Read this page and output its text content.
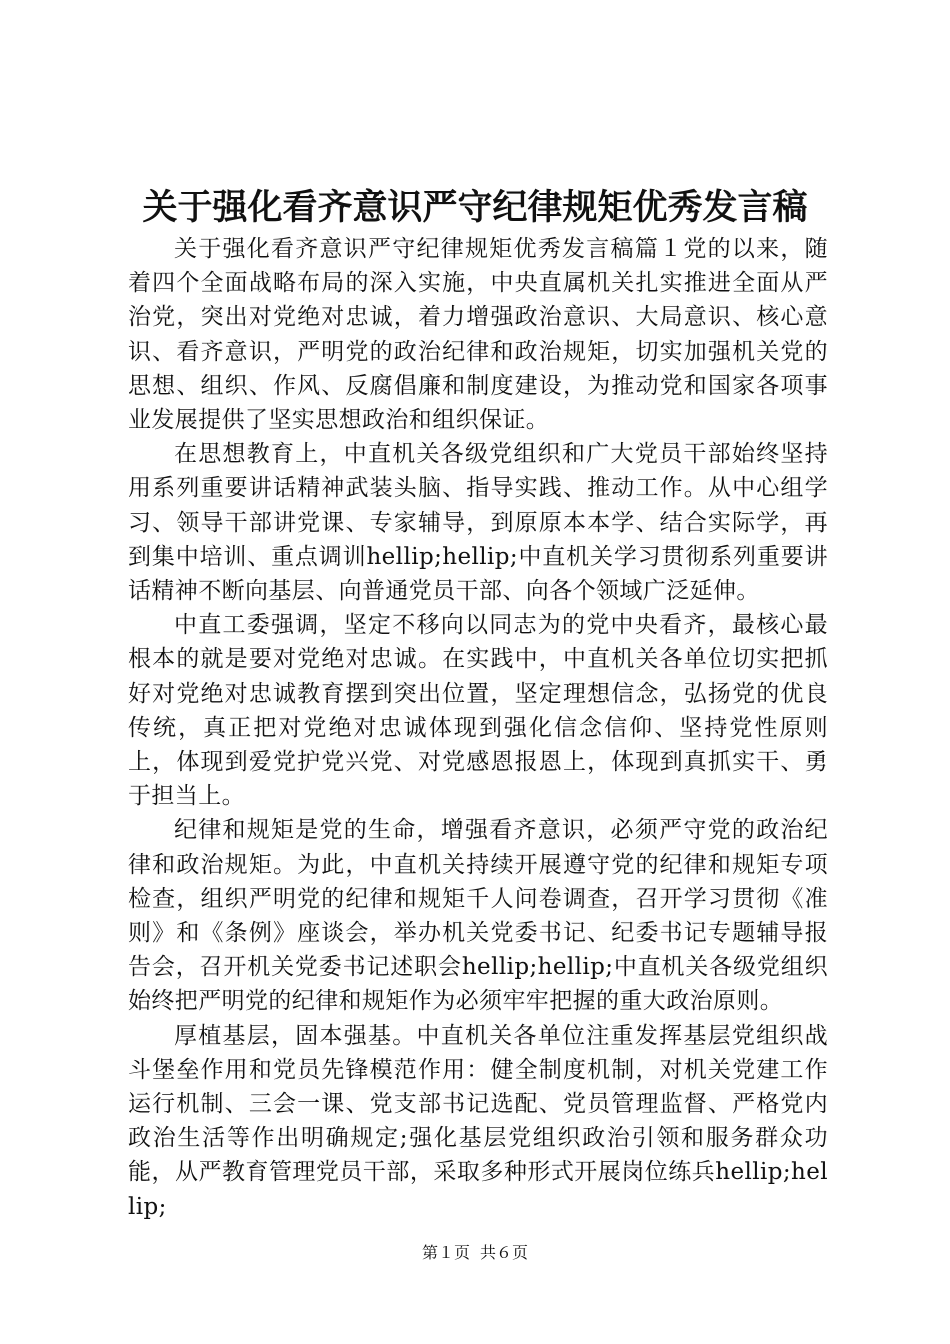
关于强化看齐意识严守纪律规矩优秀发言稿

关于强化看齐意识严守纪律规矩优秀发言稿篇１党的以来，随着四个全面战略布局的深入实施，中央直属机关扎实推进全面从严治党，突出对党绝对忠诚，着力增强政治意识、大局意识、核心意识、看齐意识，严明党的政治纪律和政治规矩，切实加强机关党的思想、组织、作风、反腐倡廉和制度建设，为推动党和国家各项事业发展提供了坚实思想政治和组织保证。

在思想教育上，中直机关各级党组织和广大党员干部始终坚持用系列重要讲话精神武装头脑、指导实践、推动工作。从中心组学习、领导干部讲党课、专家辅导，到原原本本学、结合实际学，再到集中培训、重点调训hellip;hellip;中直机关学习贯彻系列重要讲话精神不断向基层、向普通党员干部、向各个领域广泛延伸。

中直工委强调，坚定不移向以同志为的党中央看齐，最核心最根本的就是要对党绝对忠诚。在实践中，中直机关各单位切实把抓好对党绝对忠诚教育摆到突出位置，坚定理想信念，弘扬党的优良传统，真正把对党绝对忠诚体现到强化信念信仰、坚持党性原则上，体现到爱党护党兴党、对党感恩报恩上，体现到真抓实干、勇于担当上。

纪律和规矩是党的生命，增强看齐意识，必须严守党的政治纪律和政治规矩。为此，中直机关持续开展遵守党的纪律和规矩专项检查，组织严明党的纪律和规矩千人问卷调查，召开学习贯彻《准则》和《条例》座谈会，举办机关党委书记、纪委书记专题辅导报告会，召开机关党委书记述职会hellip;hellip;中直机关各级党组织始终把严明党的纪律和规矩作为必须牢牢把握的重大政治原则。

厚植基层，固本强基。中直机关各单位注重发挥基层党组织战斗堡垒作用和党员先锋模范作用：健全制度机制，对机关党建工作运行机制、三会一课、党支部书记选配、党员管理监督、严格党内政治生活等作出明确规定;强化基层党组织政治引领和服务群众功能，从严教育管理党员干部，采取多种形式开展岗位练兵hellip;hellip;

第１页 共６页
